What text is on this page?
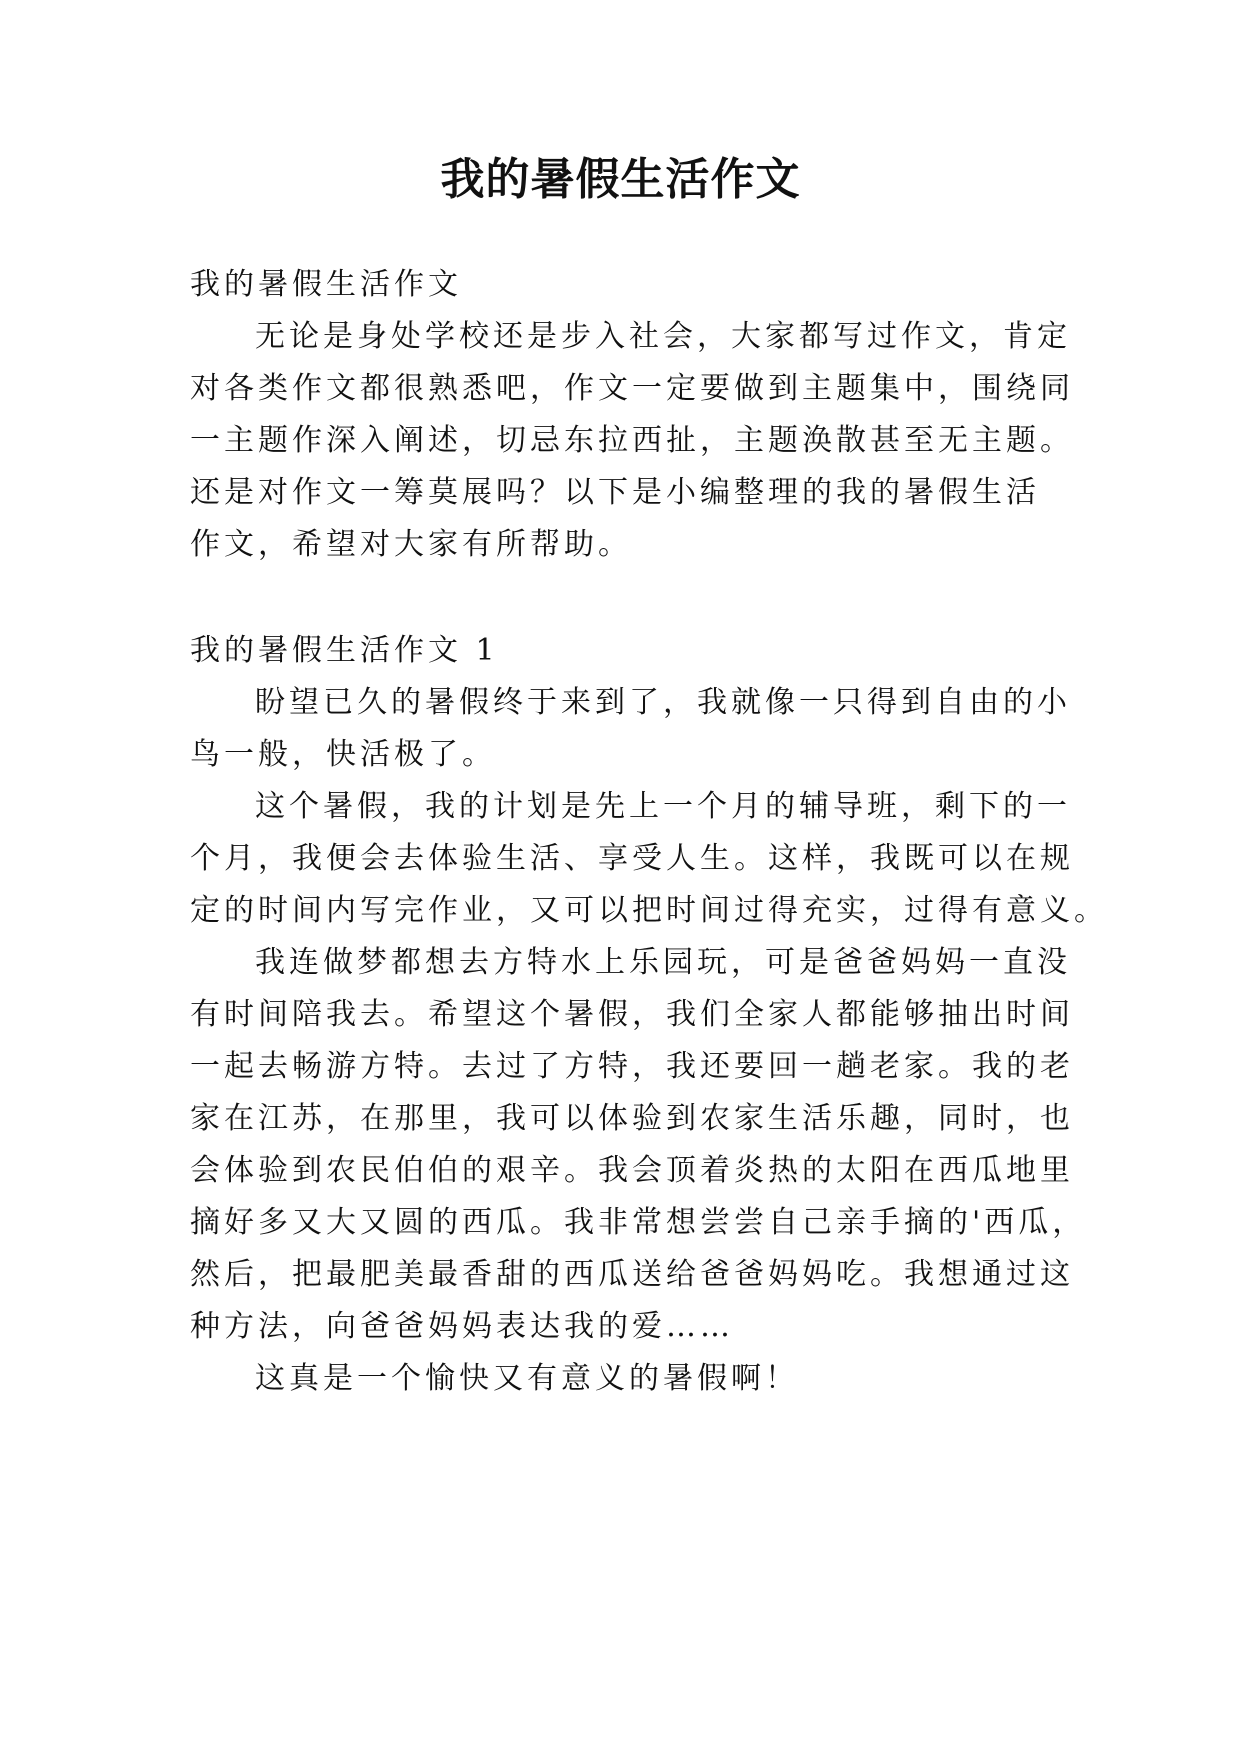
我的暑假生活作文

我的暑假生活作文

无论是身处学校还是步入社会，大家都写过作文，肯定

对各类作文都很熟悉吧，作文一定要做到主题集中，围绕同

一主题作深入阐述，切忌东拉西扯，主题涣散甚至无主题。

还是对作文一筹莫展吗？以下是小编整理的我的暑假生活

作文，希望对大家有所帮助。

我的暑假生活作文 1

盼望已久的暑假终于来到了，我就像一只得到自由的小

鸟一般，快活极了。

这个暑假，我的计划是先上一个月的辅导班，剩下的一

个月，我便会去体验生活、享受人生。这样，我既可以在规

定的时间内写完作业，又可以把时间过得充实，过得有意义。

我连做梦都想去方特水上乐园玩，可是爸爸妈妈一直没

有时间陪我去。希望这个暑假，我们全家人都能够抽出时间

一起去畅游方特。去过了方特，我还要回一趟老家。我的老

家在江苏，在那里，我可以体验到农家生活乐趣，同时，也

会体验到农民伯伯的艰辛。我会顶着炎热的太阳在西瓜地里

摘好多又大又圆的西瓜。我非常想尝尝自己亲手摘的'西瓜，

然后，把最肥美最香甜的西瓜送给爸爸妈妈吃。我想通过这

种方法，向爸爸妈妈表达我的爱……

这真是一个愉快又有意义的暑假啊！
